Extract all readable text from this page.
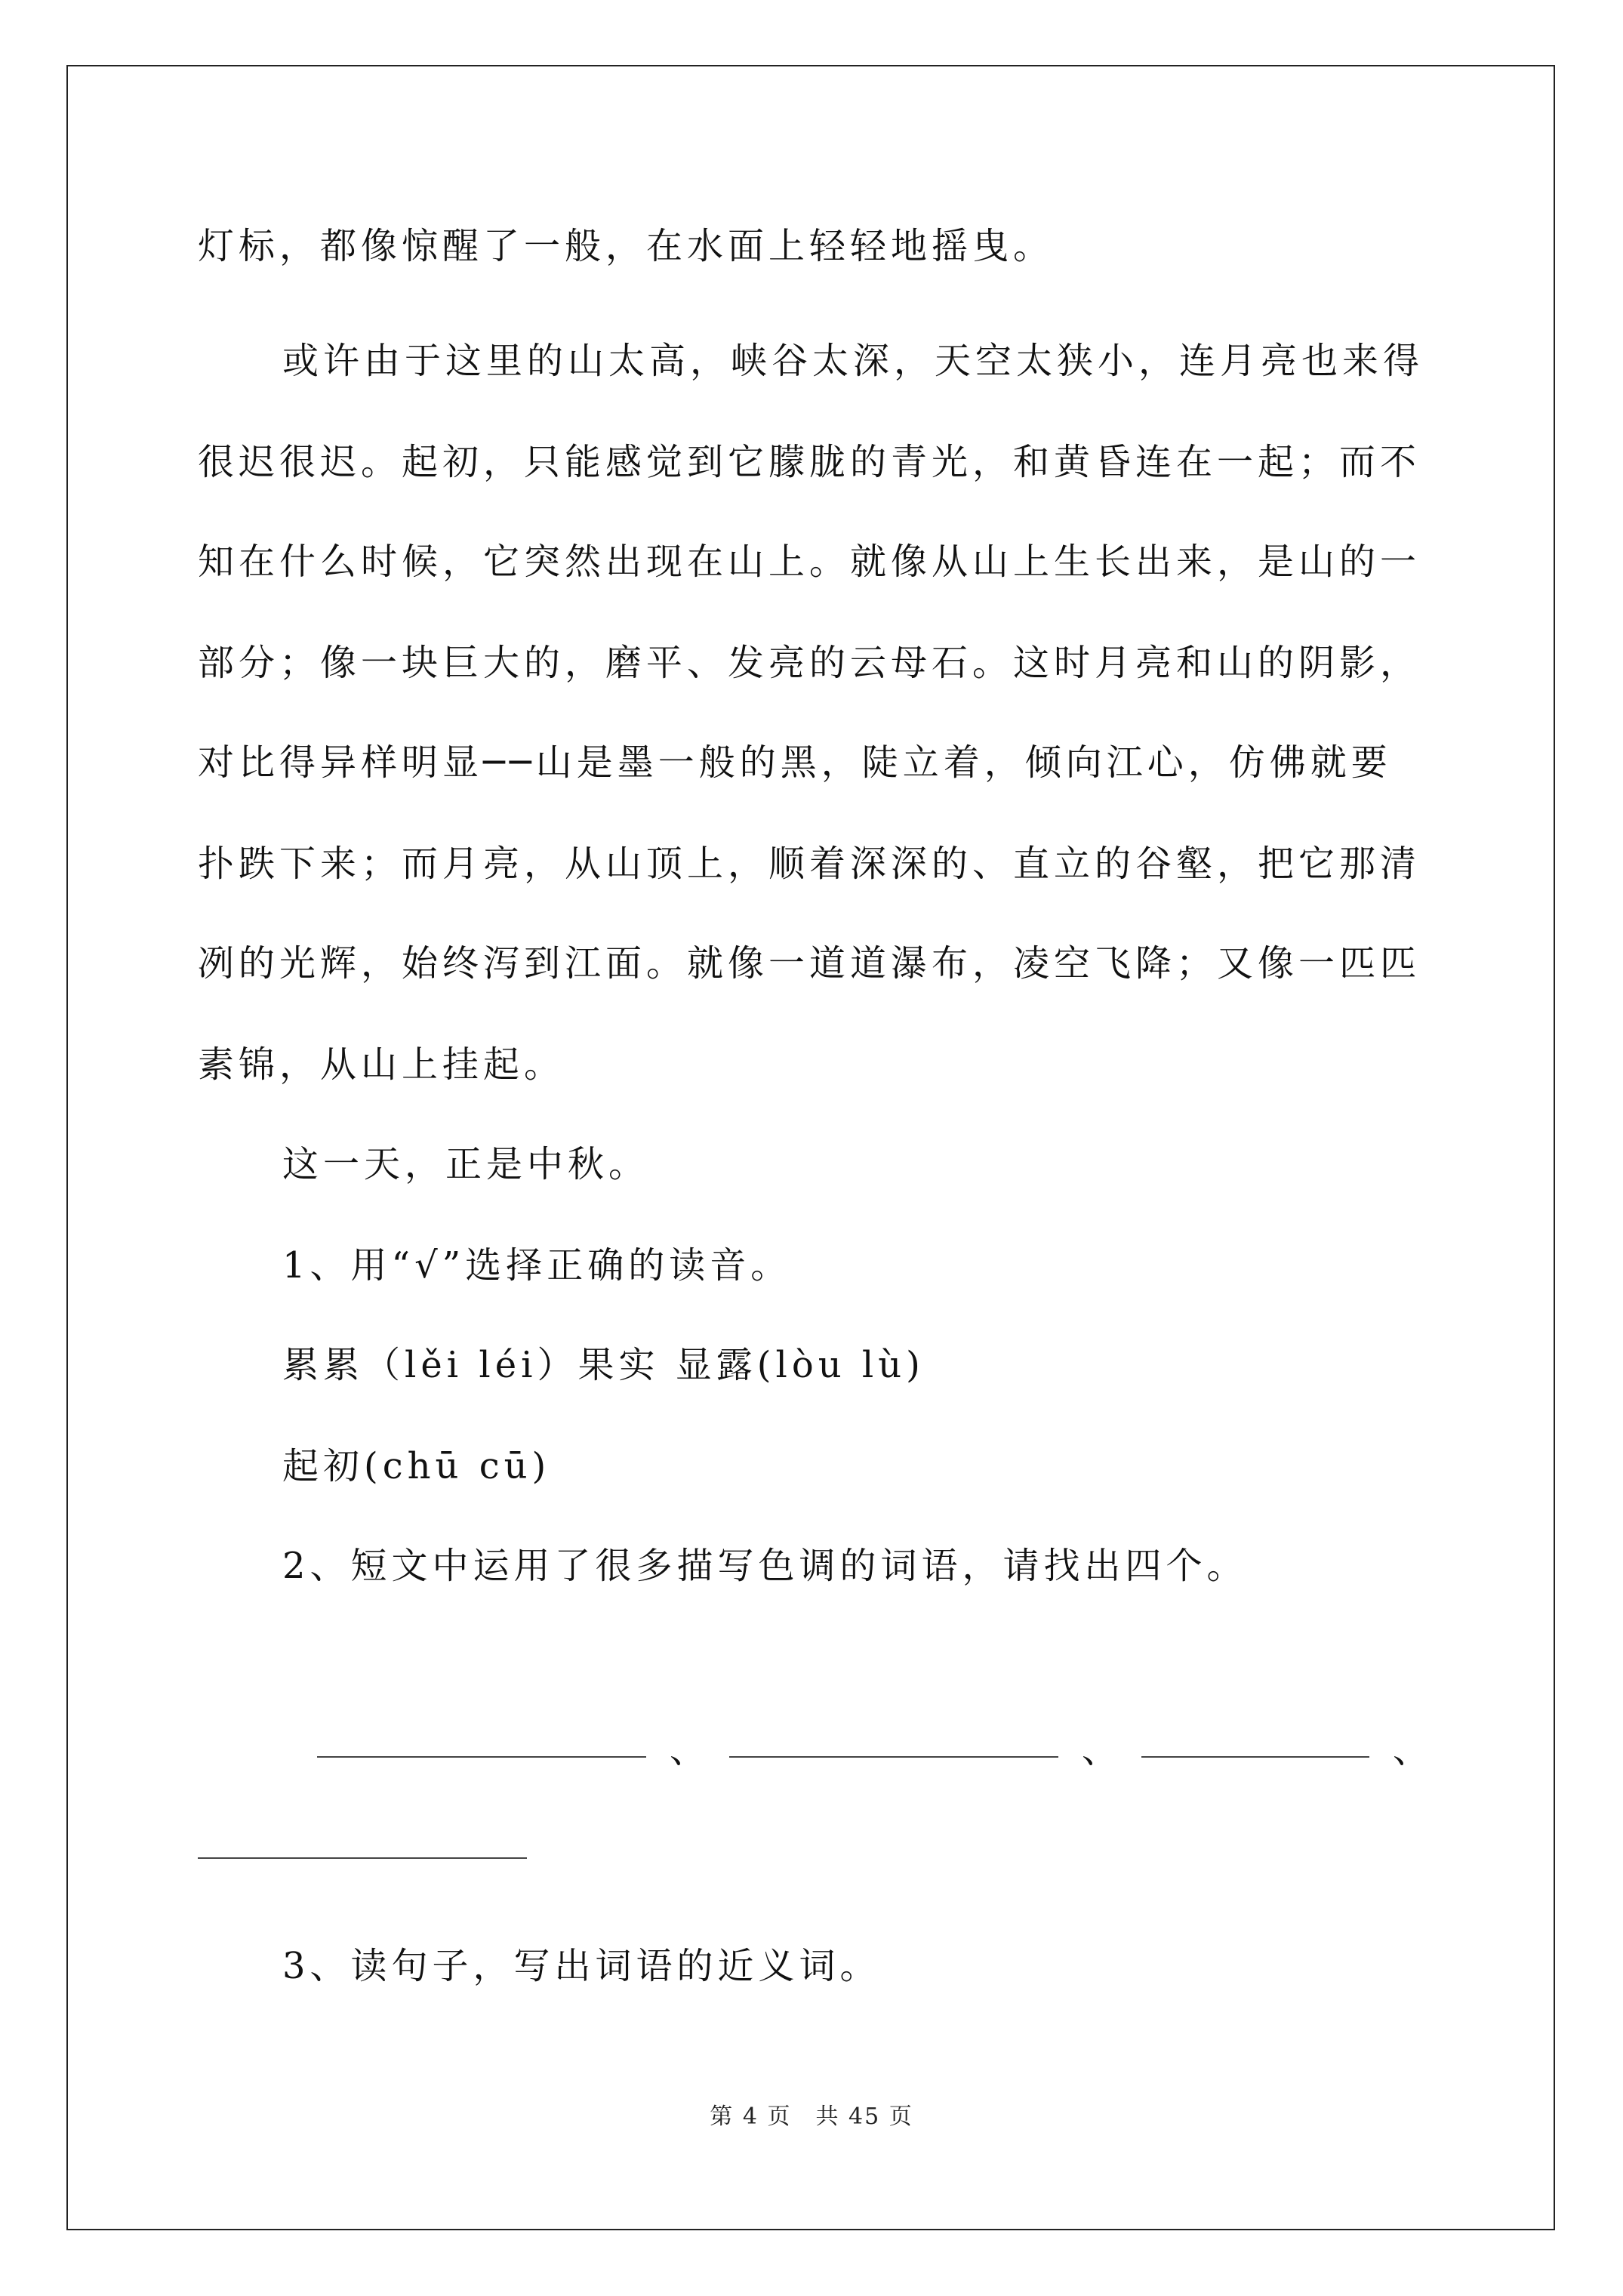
灯标，都像惊醒了一般，在水面上轻轻地摇曳。
或许由于这里的山太高，峡谷太深，天空太狭小，连月亮也来得
很迟很迟。起初，只能感觉到它朦胧的青光，和黄昏连在一起；而不
知在什么时候，它突然出现在山上。就像从山上生长出来，是山的一
部分；像一块巨大的，磨平、发亮的云母石。这时月亮和山的阴影，
对比得异样明显──山是墨一般的黑，陡立着，倾向江心，仿佛就要
扑跌下来；而月亮，从山顶上，顺着深深的、直立的谷壑，把它那清
冽的光辉，始终泻到江面。就像一道道瀑布，凌空飞降；又像一匹匹
素锦，从山上挂起。
这一天，正是中秋。
1、用“√”选择正确的读音。
累累（lěi léi）果实 显露(lòu lù)
起初(chū cū)
2、短文中运用了很多描写色调的词语，请找出四个。
、	、	、
3、读句子，写出词语的近义词。
第 4 页　共 45 页
